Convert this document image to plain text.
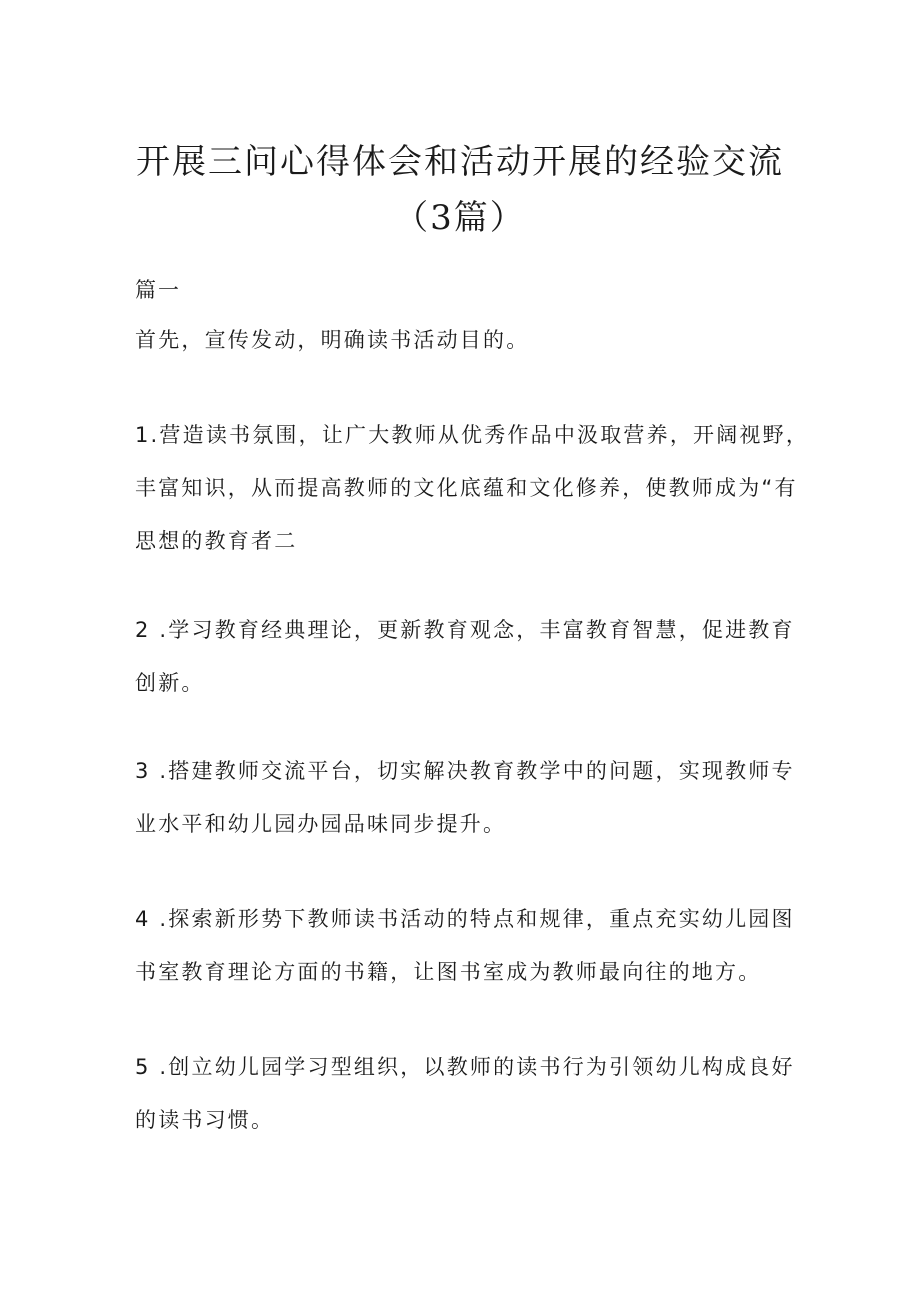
开展三问心得体会和活动开展的经验交流
（3篇）
篇一

首先，宣传发动，明确读书活动目的。

1.营造读书氛围，让广大教师从优秀作品中汲取营养，开阔视野，
丰富知识，从而提高教师的文化底蕴和文化修养，使教师成为“有
思想的教育者二

2 .学习教育经典理论，更新教育观念，丰富教育智慧，促进教育
创新。

3 .搭建教师交流平台，切实解决教育教学中的问题，实现教师专
业水平和幼儿园办园品味同步提升。

4 .探索新形势下教师读书活动的特点和规律，重点充实幼儿园图
书室教育理论方面的书籍，让图书室成为教师最向往的地方。

5 .创立幼儿园学习型组织，以教师的读书行为引领幼儿构成良好
的读书习惯。
